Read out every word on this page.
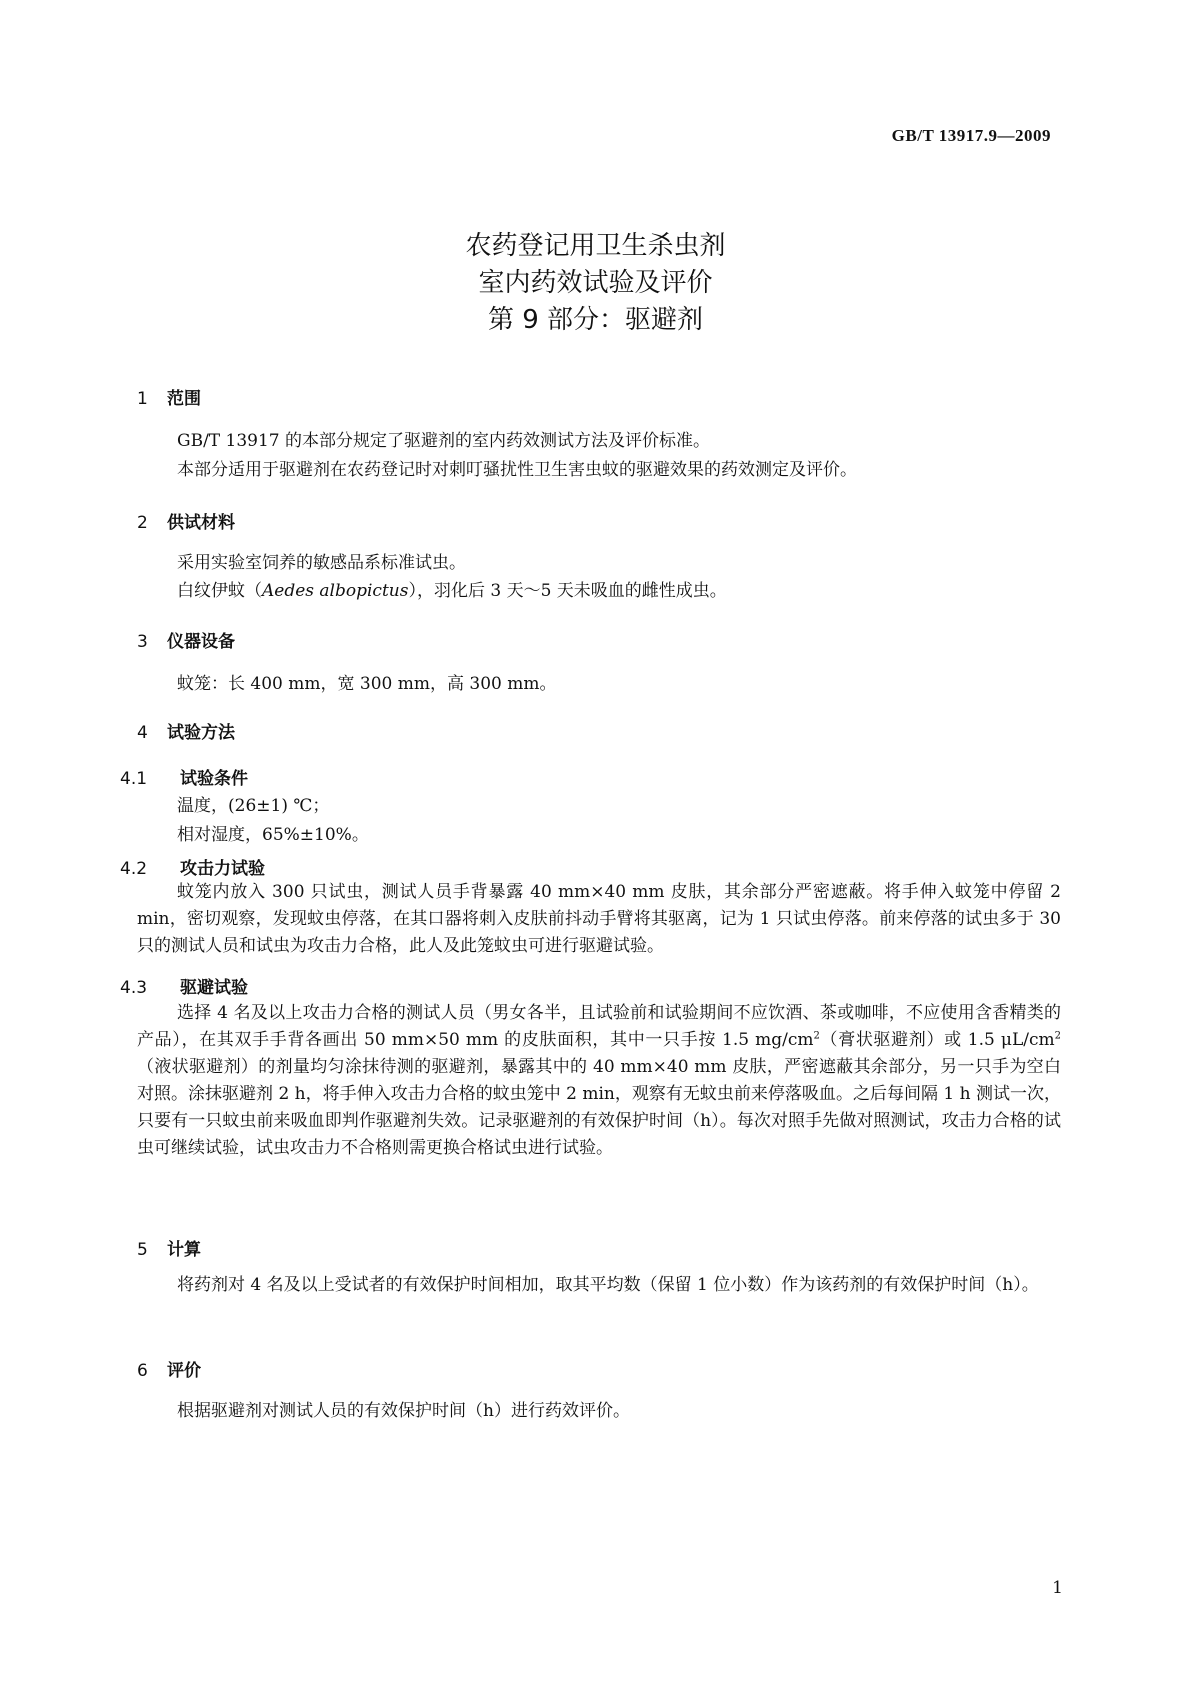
GB/T 13917.9—2009
农药登记用卫生杀虫剂
室内药效试验及评价
第 9 部分：驱避剂
1 范围
GB/T 13917 的本部分规定了驱避剂的室内药效测试方法及评价标准。
本部分适用于驱避剂在农药登记时对刺叮骚扰性卫生害虫蚊的驱避效果的药效测定及评价。
2 供试材料
采用实验室饲养的敏感品系标准试虫。
白纹伊蚊（Aedes albopictus），羽化后 3 天～5 天未吸血的雌性成虫。
3 仪器设备
蚊笼：长 400 mm，宽 300 mm，高 300 mm。
4 试验方法
4.1 试验条件
温度，(26±1) ℃；
相对湿度，65%±10%。
4.2 攻击力试验
蚊笼内放入 300 只试虫，测试人员手背暴露 40 mm×40 mm 皮肤，其余部分严密遮蔽。将手伸入蚊笼中停留 2 min，密切观察，发现蚊虫停落，在其口器将刺入皮肤前抖动手臂将其驱离，记为 1 只试虫停落。前来停落的试虫多于 30 只的测试人员和试虫为攻击力合格，此人及此笼蚊虫可进行驱避试验。
4.3 驱避试验
选择 4 名及以上攻击力合格的测试人员（男女各半，且试验前和试验期间不应饮酒、茶或咖啡，不应使用含香精类的产品），在其双手手背各画出 50 mm×50 mm 的皮肤面积，其中一只手按 1.5 $mg/cm^2$（膏状驱避剂）或 1.5 $\mu L/cm^2$（液状驱避剂）的剂量均匀涂抹待测的驱避剂，暴露其中的 40 mm×40 mm 皮肤，严密遮蔽其余部分，另一只手为空白对照。涂抹驱避剂 2 h，将手伸入攻击力合格的蚊虫笼中 2 min，观察有无蚊虫前来停落吸血。之后每间隔 1 h 测试一次，只要有一只蚊虫前来吸血即判作驱避剂失效。记录驱避剂的有效保护时间（h）。每次对照手先做对照测试，攻击力合格的试虫可继续试验，试虫攻击力不合格则需更换合格试虫进行试验。
5 计算
将药剂对 4 名及以上受试者的有效保护时间相加，取其平均数（保留 1 位小数）作为该药剂的有效保护时间（h）。
6 评价
根据驱避剂对测试人员的有效保护时间（h）进行药效评价。
1
